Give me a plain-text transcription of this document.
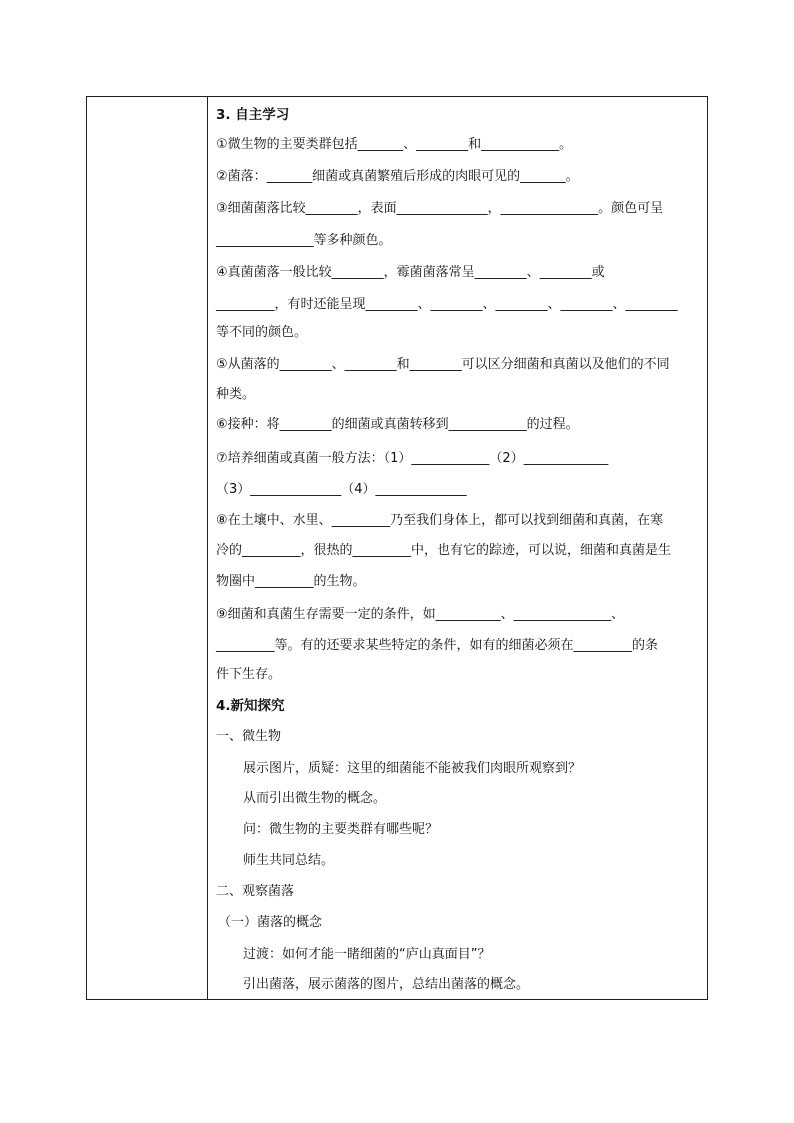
3. 自主学习
①微生物的主要类群包括_______、________和____________。
②菌落：_______细菌或真菌繁殖后形成的肉眼可见的_______。
③细菌菌落比较________，表面______________，_______________。颜色可呈
_______________等多种颜色。
④真菌菌落一般比较________，霉菌菌落常呈________、________或
_________，有时还能呈现________、________、________、________、________
等不同的颜色。
⑤从菌落的________、________和________可以区分细菌和真菌以及他们的不同
种类。
⑥接种：将________的细菌或真菌转移到____________的过程。
⑦培养细菌或真菌一般方法：（1）____________（2）_____________
（3）______________（4）______________
⑧在土壤中、水里、_________乃至我们身体上，都可以找到细菌和真菌，在寒
冷的_________，很热的_________中，也有它的踪迹，可以说，细菌和真菌是生
物圈中_________的生物。
⑨细菌和真菌生存需要一定的条件，如__________、_______________、
_________等。有的还要求某些特定的条件，如有的细菌必须在_________的条
件下生存。
4.新知探究
一、微生物
展示图片，质疑：这里的细菌能不能被我们肉眼所观察到？
从而引出微生物的概念。
问：微生物的主要类群有哪些呢？
师生共同总结。
二、观察菌落
（一）菌落的概念
过渡：如何才能一睹细菌的“庐山真面目”？
引出菌落，展示菌落的图片，总结出菌落的概念。
